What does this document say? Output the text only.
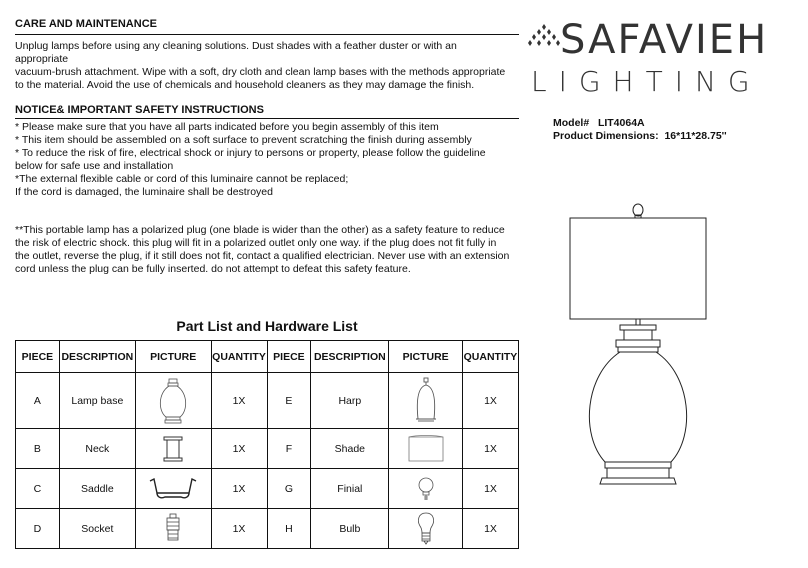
CARE AND MAINTENANCE
Unplug lamps before using any cleaning solutions. Dust shades with a feather duster or with an
appropriate
vacuum-brush attachment. Wipe with a soft, dry cloth and clean lamp bases with the methods appropriate
to the material. Avoid the use of chemicals and household cleaners as they may damage the finish.
NOTICE& IMPORTANT SAFETY INSTRUCTIONS
* Please make sure that you have all parts indicated before you begin assembly of this item
* This item should be assembled on a soft surface to prevent scratching the finish during assembly
* To reduce the risk of fire, electrical shock or injury to persons or property, please follow the guideline
below for safe use and installation
*The external flexible cable or cord of this luminaire cannot be replaced;
If the cord is damaged, the luminaire shall be destroyed
**This portable lamp has a polarized plug (one blade is wider than the other) as a safety feature to reduce
the risk of electric shock. this plug will fit in a polarized outlet only one way. if the plug does not fit fully in
the outlet, reverse the plug, if it still does not fit, contact a qualified electrician. Never use with an extension
cord unless the plug can be fully inserted. do not attempt to defeat this safety feature.
SAFAVIEH
LIGHTING
Model# LIT4064A
Product Dimensions: 16*11*28.75''
Part List and Hardware List
PIECE	DESCRIPTION	PICTURE	QUANTITY	PIECE	DESCRIPTION	PICTURE	QUANTITY
A	Lamp base		1X	E	Harp		1X
B	Neck		1X	F	Shade		1X
C	Saddle		1X	G	Finial		1X
D	Socket		1X	H	Bulb		1X
